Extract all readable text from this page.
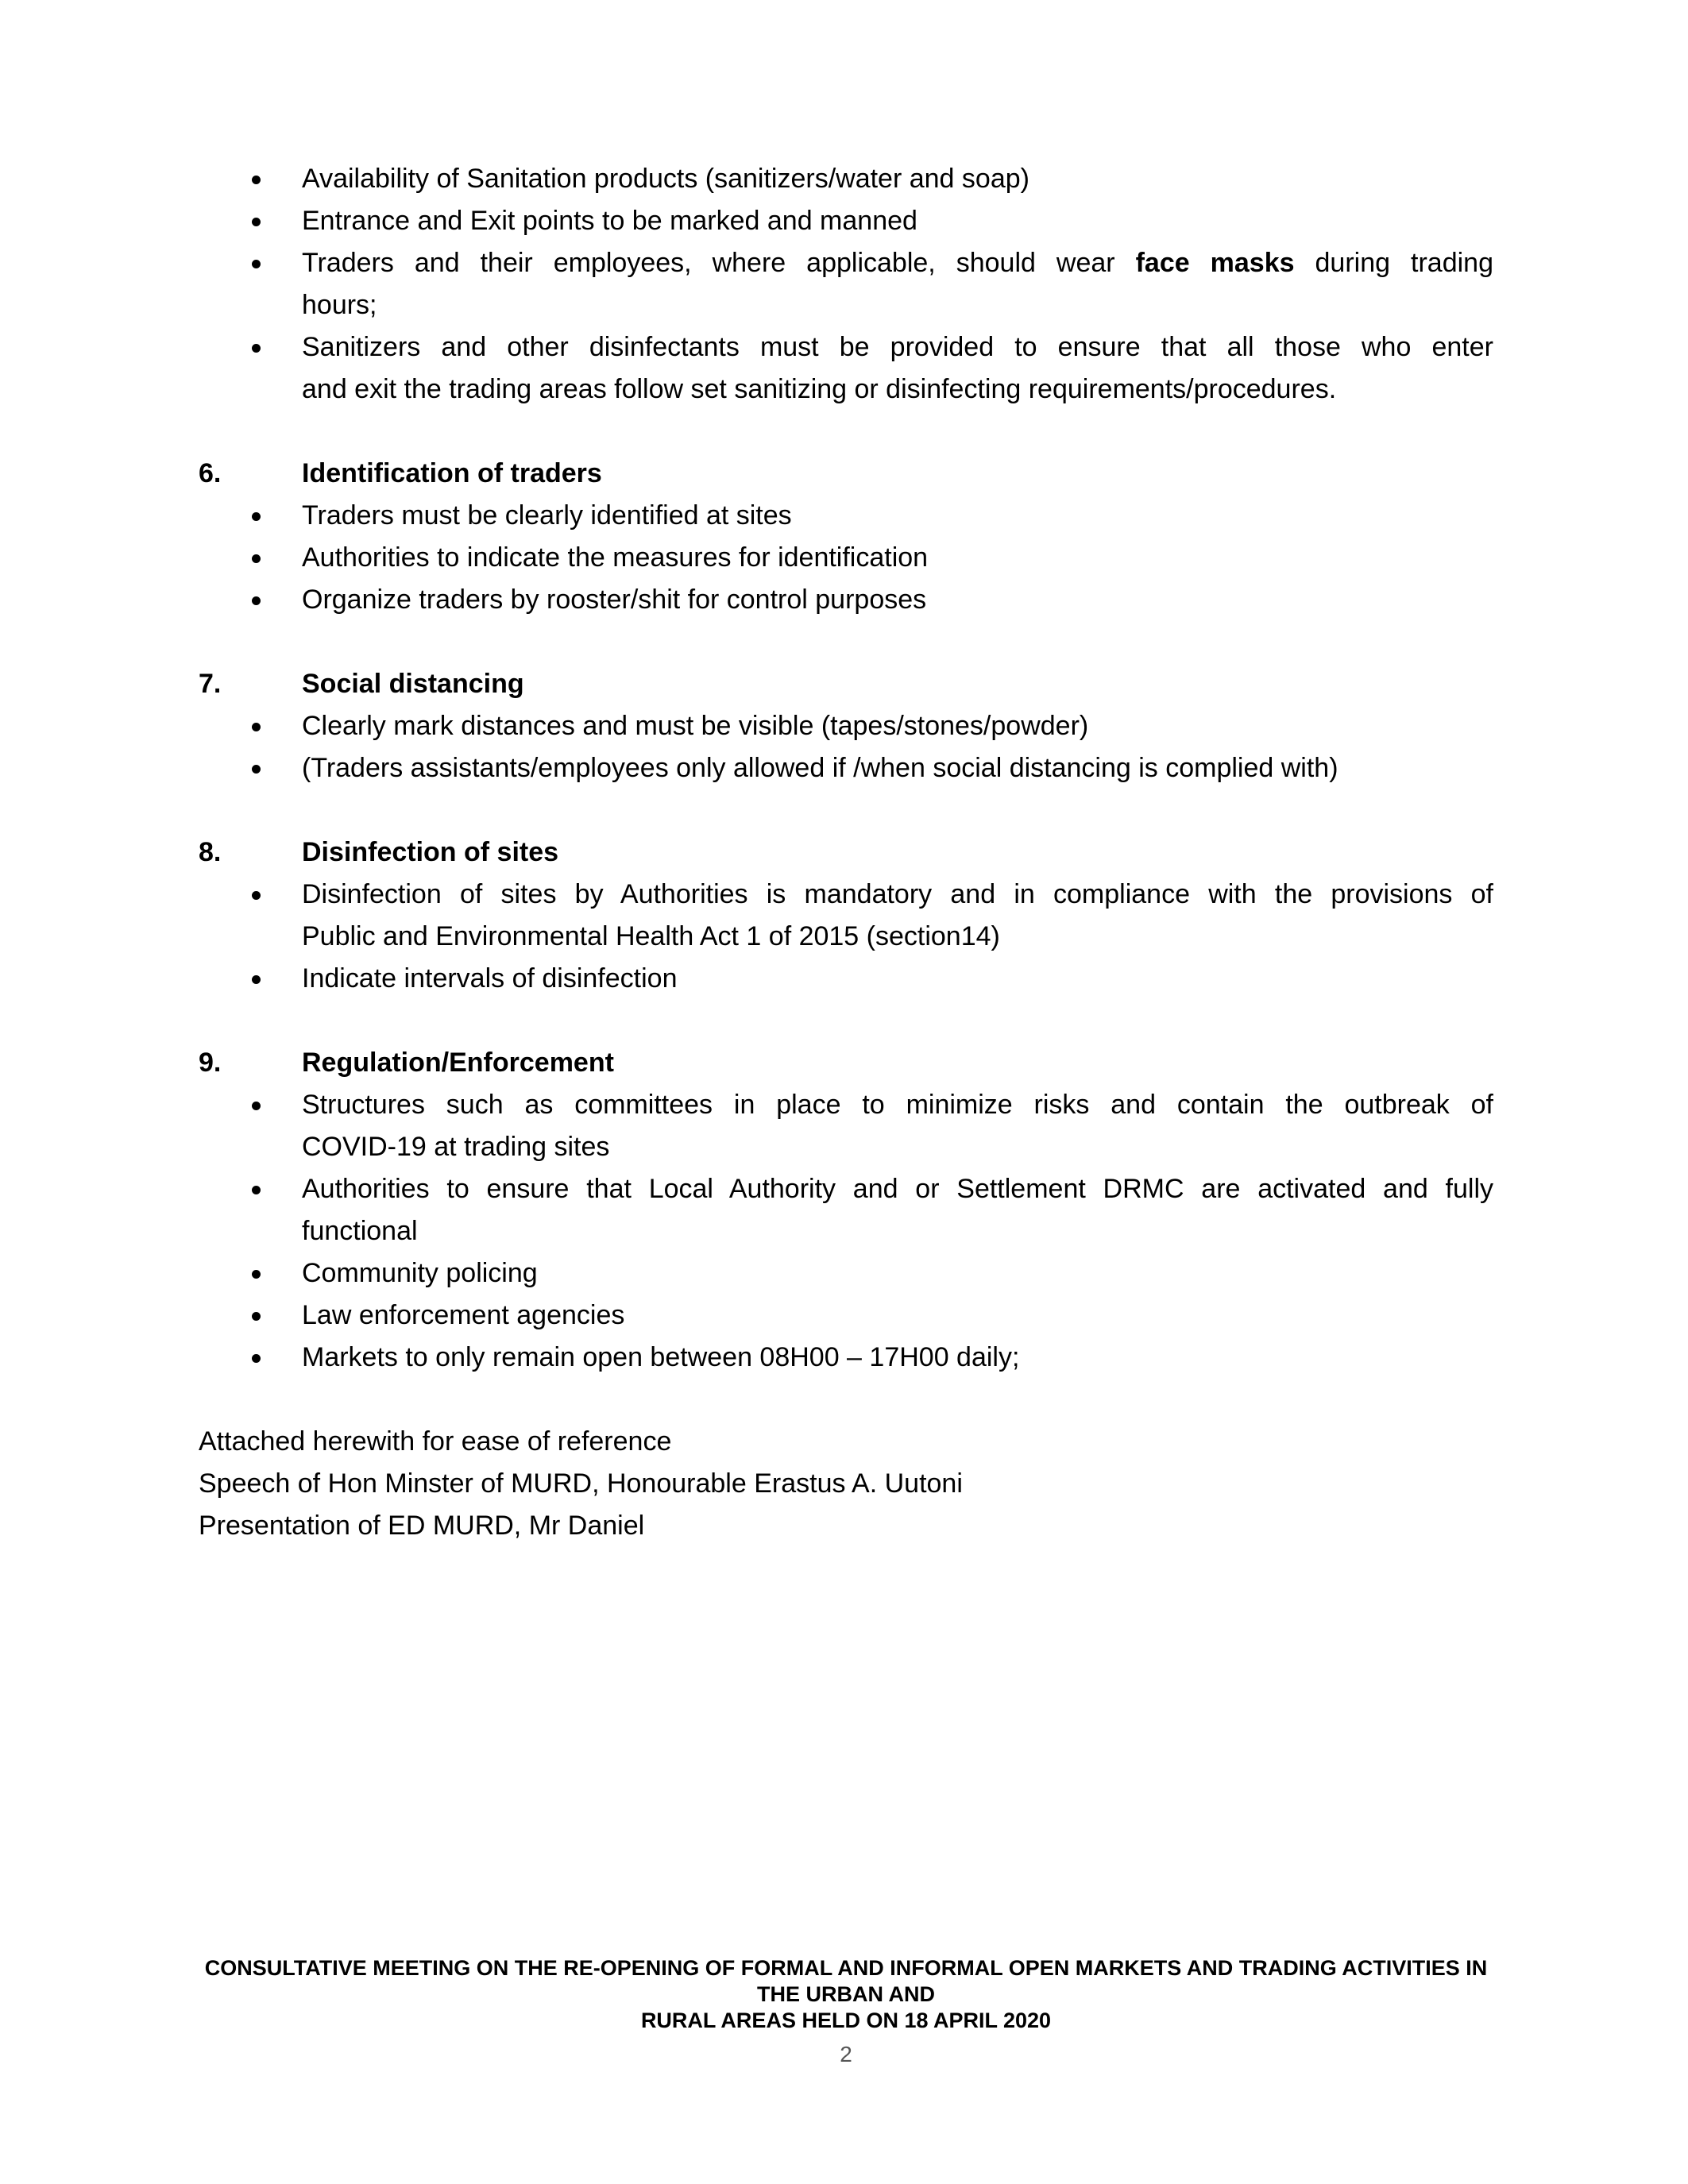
Availability of Sanitation products (sanitizers/water and soap)
Entrance and Exit points to be marked and manned
Traders and their employees, where applicable, should wear face masks during trading
hours;
Sanitizers and other disinfectants must be provided to ensure that all those who enter
and exit the trading areas follow set sanitizing or disinfecting requirements/procedures.
6.	Identification of traders
Traders must be clearly identified at sites
Authorities to indicate the measures for identification
Organize traders by rooster/shit for control purposes
7.	Social distancing
Clearly mark distances and must be visible (tapes/stones/powder)
(Traders assistants/employees only allowed if /when social distancing is complied with)
8.	Disinfection of sites
Disinfection of sites by Authorities is mandatory and in compliance with the provisions of
Public and Environmental Health Act 1 of 2015 (section14)
Indicate intervals of disinfection
9.	Regulation/Enforcement
Structures such as committees in place to minimize risks and contain the outbreak of
COVID-19 at trading sites
Authorities to ensure that Local Authority and or Settlement DRMC are activated and fully
functional
Community policing
Law enforcement agencies
Markets to only remain open between 08H00 – 17H00 daily;
Attached herewith for ease of reference
Speech of Hon Minster of MURD, Honourable Erastus A. Uutoni
Presentation of ED MURD, Mr Daniel
CONSULTATIVE MEETING ON THE RE-OPENING OF FORMAL AND INFORMAL OPEN MARKETS AND TRADING ACTIVITIES IN THE URBAN AND
RURAL AREAS HELD ON 18 APRIL 2020
2
